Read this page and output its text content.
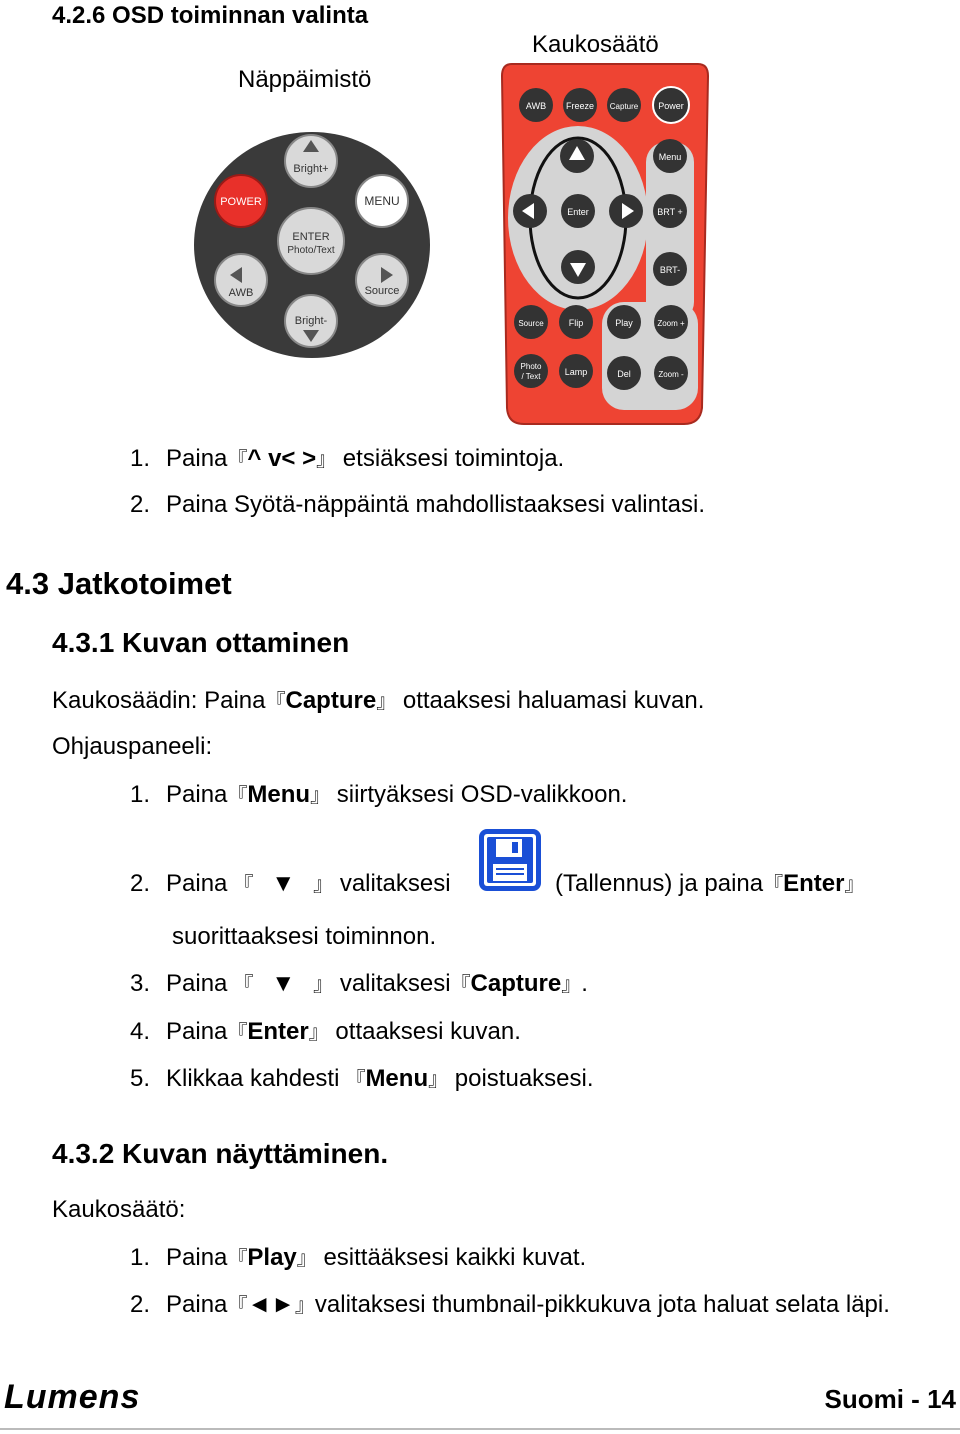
4.2.6 OSD toiminnan valinta
Näppäimistö
Kaukosäätö
Bright+
POWER	MENU
ENTER
Photo/Text
AWB	Source
Bright-
AWB Freeze Capture Power
Enter
Menu
BRT +
BRT-
Source	Flip	Play	Zoom +
Photo
/ Text	Lamp	Del	Zoom -
1. Paina『^ v< >』 etsiäksesi toimintoja.
2. Paina Syötä-näppäintä mahdollistaaksesi valintasi.
4.3 Jatkotoimet
4.3.1 Kuvan ottaminen
Kaukosäädin: Paina『Capture』 ottaaksesi haluamasi kuvan.
Ohjauspaneeli:
1. Paina『Menu』 siirtyäksesi OSD-valikkoon.
2. Paina 『 ▼ 』 valitaksesi	(Tallennus) ja paina『Enter』
suorittaaksesi toiminnon.
3. Paina 『 ▼ 』 valitaksesi『Capture』.
4. Paina『Enter』 ottaaksesi kuvan.
5. Klikkaa kahdesti 『Menu』 poistuaksesi.
4.3.2 Kuvan näyttäminen.
Kaukosäätö:
1. Paina『Play』 esittääksesi kaikki kuvat.
2. Paina『◄►』valitaksesi thumbnail-pikkukuva jota haluat selata läpi.
Lumens	Suomi - 14
